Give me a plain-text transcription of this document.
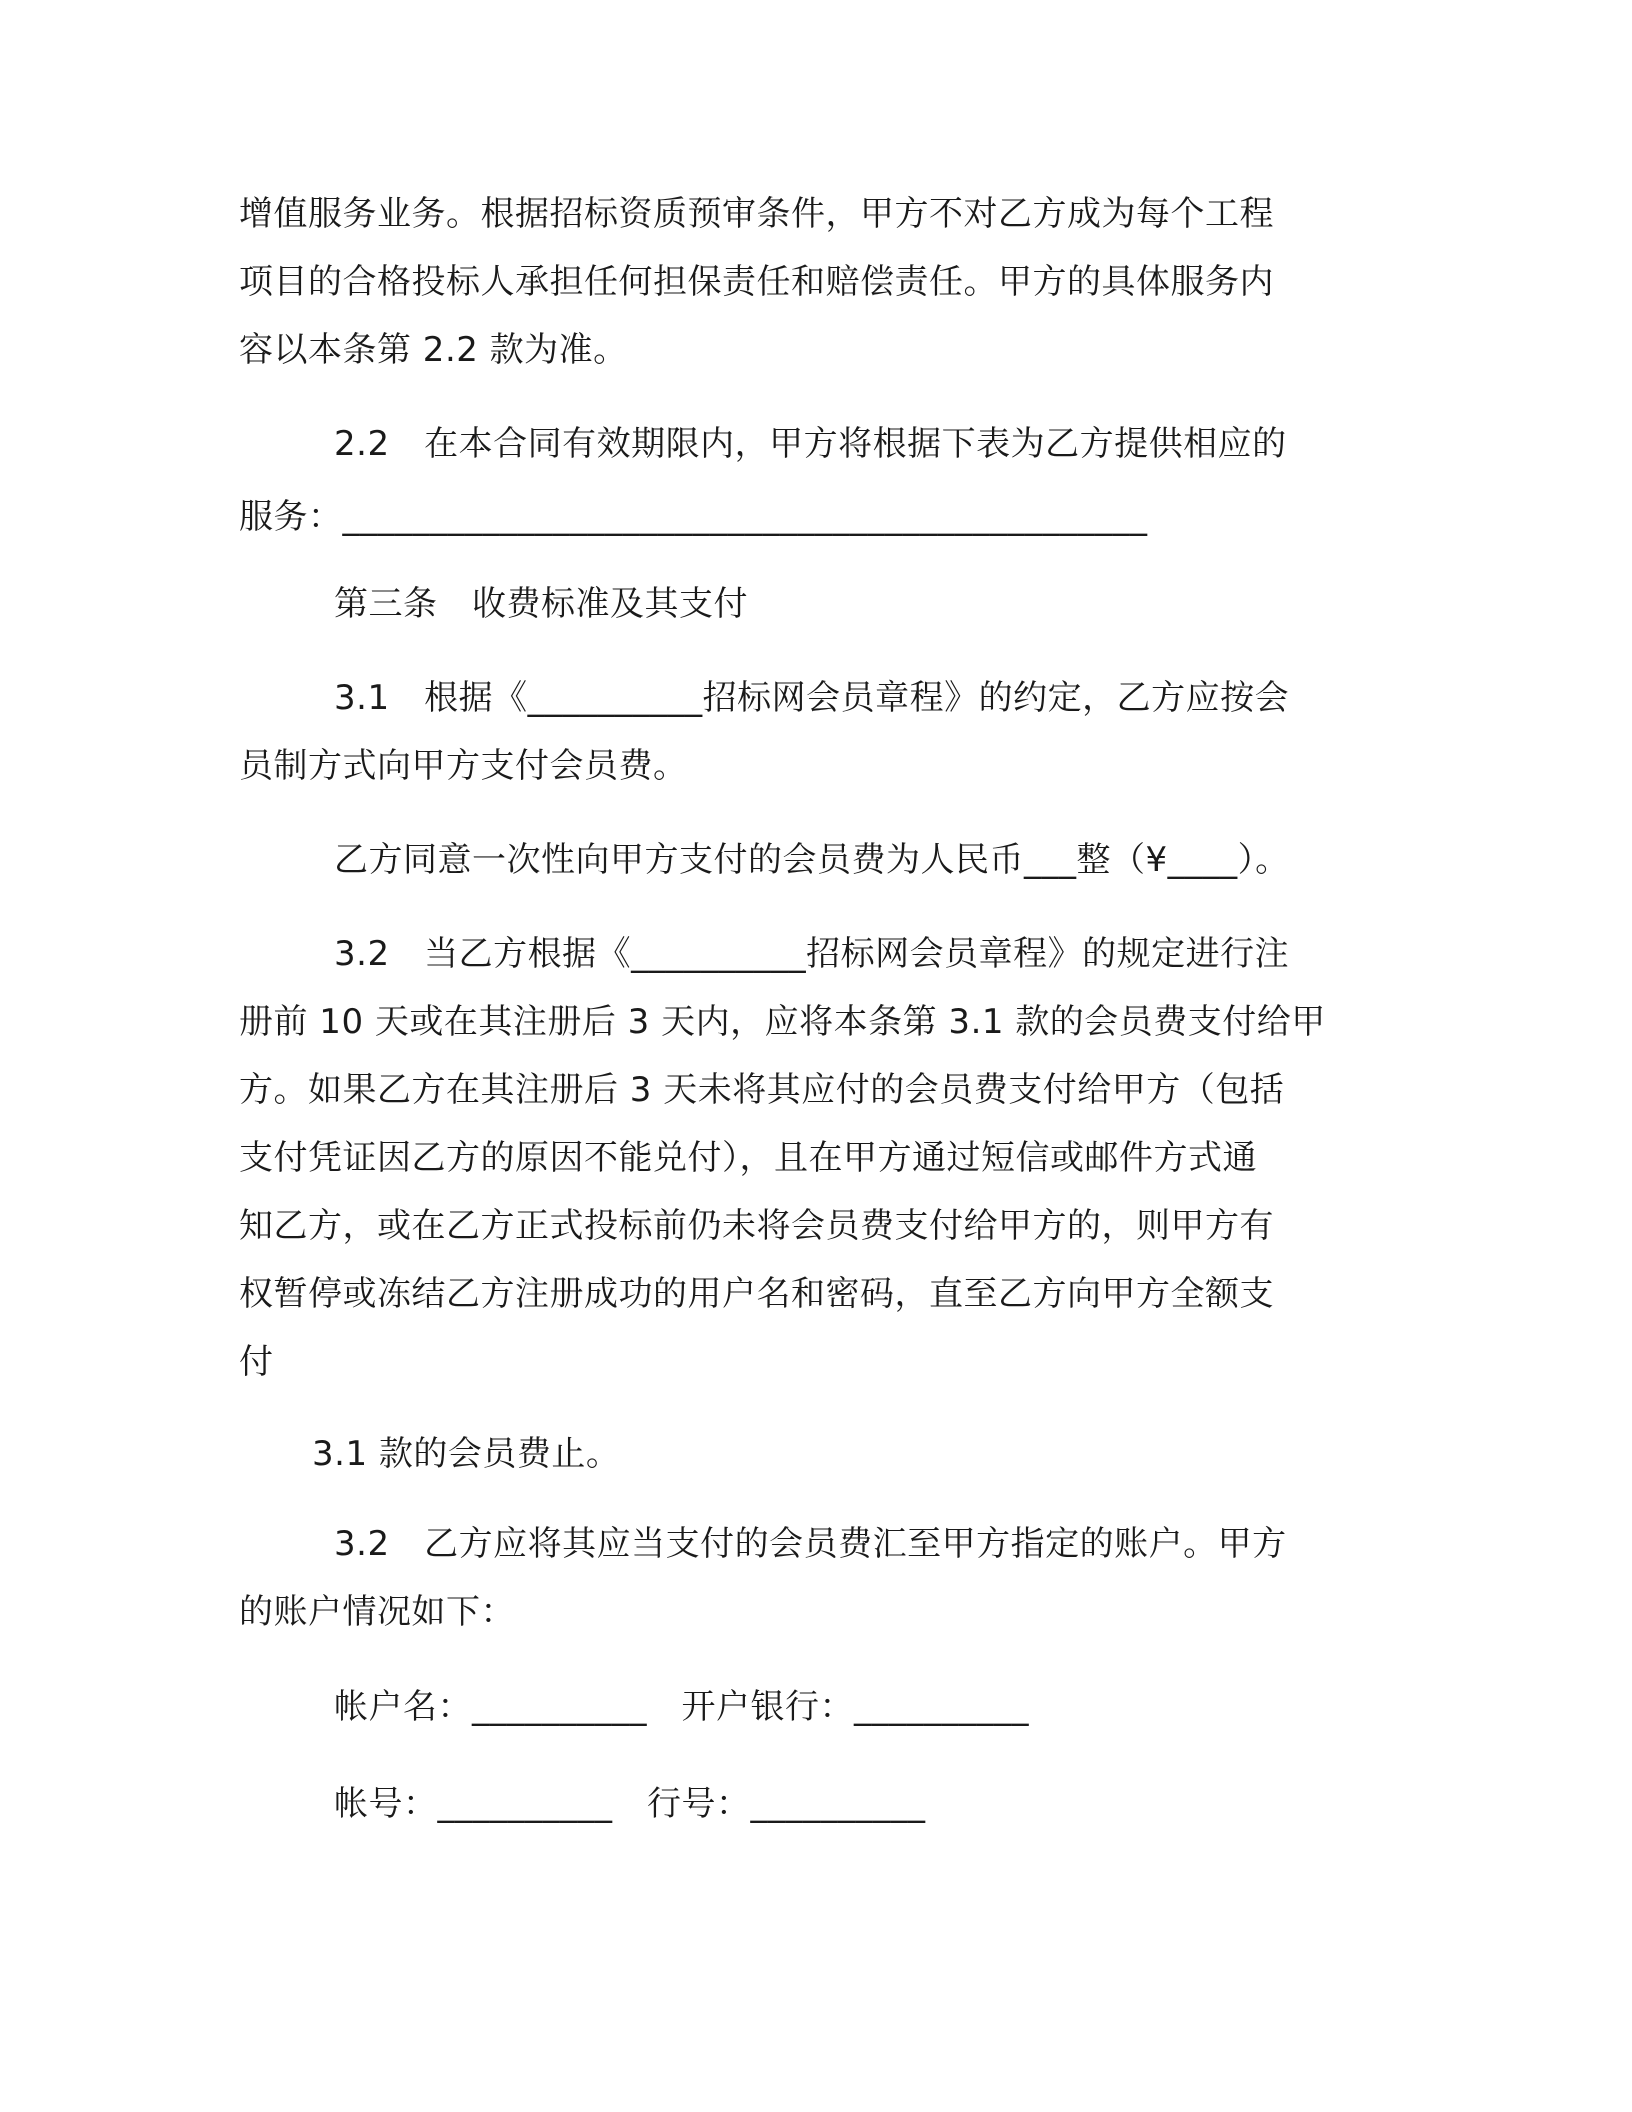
增值服务业务。根据招标资质预审条件，甲方不对乙方成为每个工程
项目的合格投标人承担任何担保责任和赔偿责任。甲方的具体服务内
容以本条第 2.2 款为准。
2.2　在本合同有效期限内，甲方将根据下表为乙方提供相应的
服务：______________________________________________
第三条　收费标准及其支付
3.1　根据《__________招标网会员章程》的约定，乙方应按会
员制方式向甲方支付会员费。
乙方同意一次性向甲方支付的会员费为人民币___整（¥____）。
3.2　当乙方根据《__________招标网会员章程》的规定进行注
册前 10 天或在其注册后 3 天内，应将本条第 3.1 款的会员费支付给甲
方。如果乙方在其注册后 3 天未将其应付的会员费支付给甲方（包括
支付凭证因乙方的原因不能兑付），且在甲方通过短信或邮件方式通
知乙方，或在乙方正式投标前仍未将会员费支付给甲方的，则甲方有
权暂停或冻结乙方注册成功的用户名和密码，直至乙方向甲方全额支
付
3.1 款的会员费止。
3.2　乙方应将其应当支付的会员费汇至甲方指定的账户。甲方
的账户情况如下：
帐户名：__________　开户银行：__________
帐号：__________　行号：__________
